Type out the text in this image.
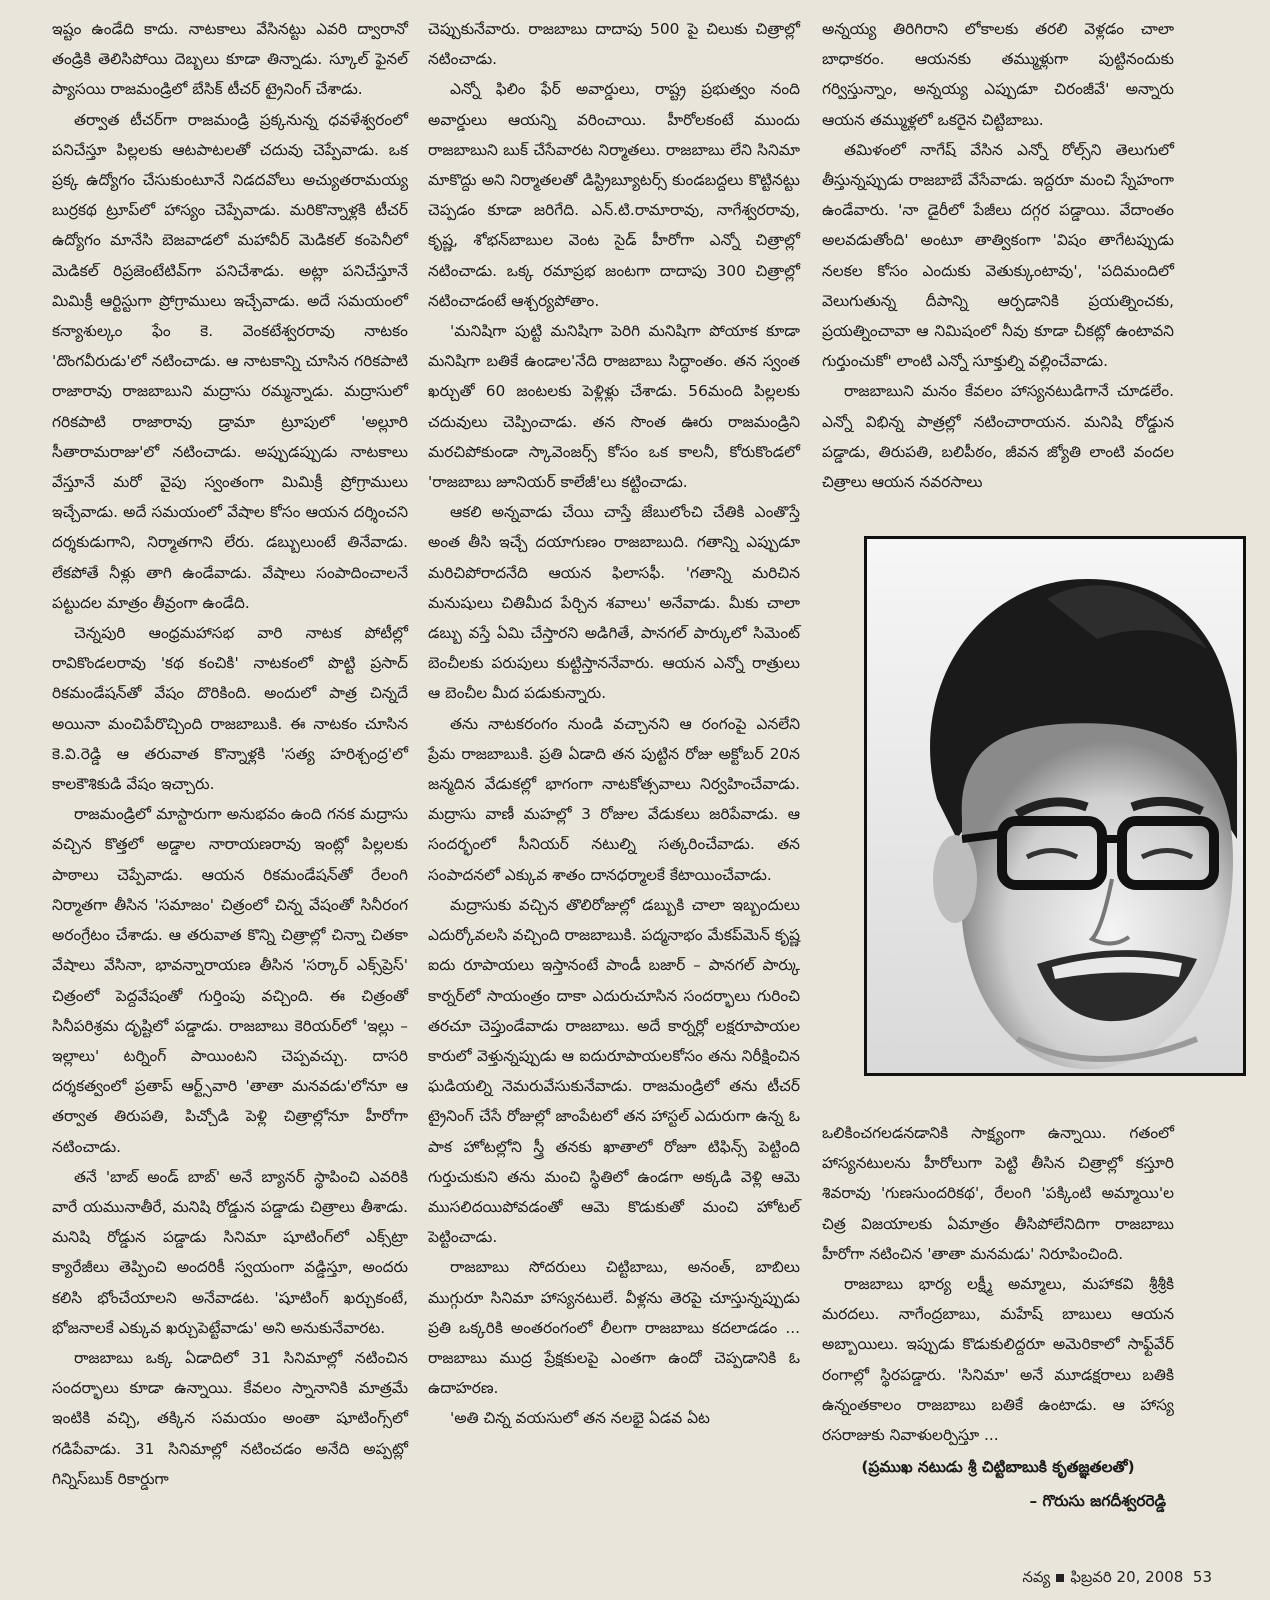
ఇష్టం ఉండేది కాదు. నాటకాలు వేసినట్టు ఎవరి ద్వారానో తండ్రికి తెలిసిపోయి దెబ్బలు కూడా తిన్నాడు. స్కూల్ ఫైనల్ ప్యాసయి రాజమండ్రిలో బేసిక్ టీచర్ ట్రైనింగ్ చేశాడు.

తర్వాత టీచర్‌గా రాజమండ్రి ప్రక్కనున్న ధవళేశ్వరంలో పనిచేస్తూ పిల్లలకు ఆటపాటలతో చదువు చెప్పేవాడు. ఒక ప్రక్క ఉద్యోగం చేసుకుంటూనే నిడదవోలు అచ్యుతరామయ్య బుర్రకథ ట్రూప్‌లో హాస్యం చెప్పేవాడు. మరికొన్నాళ్లకి టీచర్ ఉద్యోగం మానేసి బెజవాడలో మహావీర్ మెడికల్ కంపెనీలో మెడికల్ రిప్రజెంటేటివ్‌గా పనిచేశాడు. అట్లా పనిచేస్తూనే మిమిక్రీ ఆర్టిస్టుగా ప్రోగ్రాములు ఇచ్చేవాడు. అదే సమయంలో కన్యాశుల్కం ఫేం కె. వెంకటేశ్వరరావు నాటకం 'దొంగవీరుడు'లో నటించాడు. ఆ నాటకాన్ని చూసిన గరికపాటి రాజారావు రాజబాబుని మద్రాసు రమ్మన్నాడు. మద్రాసులో గరికపాటి రాజారావు డ్రామా ట్రూపులో 'అల్లూరి సీతారామరాజు'లో నటించాడు. అప్పుడప్పుడు నాటకాలు వేస్తూనే మరో వైపు స్వంతంగా మిమిక్రీ ప్రోగ్రాములు ఇచ్చేవాడు. అదే సమయంలో వేషాల కోసం ఆయన దర్శించని దర్శకుడుగాని, నిర్మాతగాని లేరు. డబ్బులుంటే తినేవాడు. లేకపోతే నీళ్లు తాగి ఉండేవాడు. వేషాలు సంపాదించాలనే పట్టుదల మాత్రం తీవ్రంగా ఉండేది.

చెన్నపురి ఆంధ్రమహాసభ వారి నాటక పోటీల్లో రావికొండలరావు 'కథ కంచికి' నాటకంలో పొట్టి ప్రసాద్ రికమండేషన్‌తో వేషం దొరికింది. అందులో పాత్ర చిన్నదే అయినా మంచిపేరొచ్చింది రాజబాబుకి. ఈ నాటకం చూసిన కె.వి.రెడ్డి ఆ తరువాత కొన్నాళ్లకి 'సత్య హరిశ్చంద్ర'లో కాలకౌశికుడి వేషం ఇచ్చారు.

రాజమండ్రిలో మాస్టారుగా అనుభవం ఉంది గనక మద్రాసు వచ్చిన కొత్తలో అడ్డాల నారాయణరావు ఇంట్లో పిల్లలకు పాఠాలు చెప్పేవాడు. ఆయన రికమండేషన్‌తో రేలంగి నిర్మాతగా తీసిన 'సమాజం' చిత్రంలో చిన్న వేషంతో సినీరంగ అరంగ్రేటం చేశాడు. ఆ తరువాత కొన్ని చిత్రాల్లో చిన్నా చితకా వేషాలు వేసినా, భావన్నారాయణ తీసిన 'సర్కార్ ఎక్స్‌ప్రెస్' చిత్రంలో పెద్దవేషంతో గుర్తింపు వచ్చింది. ఈ చిత్రంతో సినీపరిశ్రమ దృష్టిలో పడ్డాడు. రాజబాబు కెరియర్‌లో 'ఇల్లు – ఇల్లాలు' టర్నింగ్ పాయింటని చెప్పవచ్చు. దాసరి దర్శకత్వంలో ప్రతాప్ ఆర్ట్స్‌వారి 'తాతా మనవడు'లోనూ ఆ తర్వాత తిరుపతి, పిచ్చోడి పెళ్లి చిత్రాల్లోనూ హీరోగా నటించాడు.

తనే 'బాబ్ అండ్ బాబ్' అనే బ్యానర్ స్థాపించి ఎవరికి వారే యమునాతీరే, మనిషి రోడ్డున పడ్డాడు చిత్రాలు తీశాడు. మనిషి రోడ్డున పడ్డాడు సినిమా షూటింగ్‌లో ఎక్స్‌ట్రా క్యారేజీలు తెప్పించి అందరికీ స్వయంగా వడ్డిస్తూ, అందరు కలిసి భోంచేయాలని అనేవాడట. 'షూటింగ్ ఖర్చుకంటే, భోజనాలకే ఎక్కువ ఖర్చుపెట్టేవాడు' అని అనుకునేవారట.

రాజబాబు ఒక్క ఏడాదిలో 31 సినిమాల్లో నటించిన సందర్భాలు కూడా ఉన్నాయి. కేవలం స్నానానికి మాత్రమే ఇంటికి వచ్చి, తక్కిన సమయం అంతా షూటింగ్స్‌లో గడిపేవాడు. 31 సినిమాల్లో నటించడం అనేది అప్పట్లో గిన్నిస్‌బుక్ రికార్డుగా

చెప్పుకునేవారు. రాజబాబు దాదాపు 500 పై చిలుకు చిత్రాల్లో నటించాడు.

ఎన్నో ఫిలిం ఫేర్ అవార్డులు, రాష్ట్ర ప్రభుత్వం నంది అవార్డులు ఆయన్ని వరించాయి. హీరోలకంటే ముందు రాజబాబుని బుక్ చేసేవారట నిర్మాతలు. రాజబాబు లేని సినిమా మాకొద్దు అని నిర్మాతలతో డిస్ట్రిబ్యూటర్స్ కుండబద్దలు కొట్టినట్టు చెప్పడం కూడా జరిగేది. ఎన్.టి.రామారావు, నాగేశ్వరరావు, కృష్ణ, శోభన్‌బాబుల వెంట సైడ్ హీరోగా ఎన్నో చిత్రాల్లో నటించాడు. ఒక్క రమాప్రభ జంటగా దాదాపు 300 చిత్రాల్లో నటించాడంటే ఆశ్చర్యపోతాం.

'మనిషిగా పుట్టి మనిషిగా పెరిగి మనిషిగా పోయాక కూడా మనిషిగా బతికే ఉండాల'నేది రాజబాబు సిద్ధాంతం. తన స్వంత ఖర్చుతో 60 జంటలకు పెళ్లిళ్లు చేశాడు. 56మంది పిల్లలకు చదువులు చెప్పించాడు. తన సొంత ఊరు రాజమండ్రిని మరచిపోకుండా స్కావెంజర్స్ కోసం ఒక కాలనీ, కోరుకొండలో 'రాజబాబు జూనియర్ కాలేజీ'లు కట్టించాడు.

ఆకలి అన్నవాడు చేయి చాస్తే జేబులోంచి చేతికి ఎంతొస్తే అంత తీసి ఇచ్చే దయాగుణం రాజబాబుది. గతాన్ని ఎప్పుడూ మరిచిపోరాదనేది ఆయన ఫిలాసఫీ. 'గతాన్ని మరిచిన మనుషులు చితిమీద పేర్చిన శవాలు' అనేవాడు. మీకు చాలా డబ్బు వస్తే ఏమి చేస్తారని అడిగితే, పానగల్ పార్కులో సిమెంట్ బెంచీలకు పరుపులు కుట్టిస్తాననేవారు. ఆయన ఎన్నో రాత్రులు ఆ బెంచీల మీద పడుకున్నారు.

తను నాటకరంగం నుండి వచ్చానని ఆ రంగంపై ఎనలేని ప్రేమ రాజబాబుకి. ప్రతి ఏడాది తన పుట్టిన రోజు అక్టోబర్ 20న జన్మదిన వేడుకల్లో భాగంగా నాటకోత్సవాలు నిర్వహించేవాడు. మద్రాసు వాణీ మహల్లో 3 రోజుల వేడుకలు జరిపేవాడు. ఆ సందర్భంలో సీనియర్ నటుల్ని సత్కరించేవాడు. తన సంపాదనలో ఎక్కువ శాతం దానధర్మాలకే కేటాయించేవాడు.

మద్రాసుకు వచ్చిన తొలిరోజుల్లో డబ్బుకి చాలా ఇబ్బందులు ఎదుర్కోవలసి వచ్చింది రాజబాబుకి. పద్మనాభం మేకప్‌మెన్ కృష్ణ ఐదు రూపాయలు ఇస్తానంటే పాండీ బజార్ – పానగల్ పార్కు కార్నర్‌లో సాయంత్రం దాకా ఎదురుచూసిన సందర్భాలు గురించి తరచూ చెప్తుండేవాడు రాజబాబు. అదే కార్నర్లో లక్షరూపాయల కారులో వెళ్తున్నప్పుడు ఆ ఐదురూపాయలకోసం తను నిరీక్షించిన ఘడియల్ని నెమరువేసుకునేవాడు. రాజమండ్రిలో తను టీచర్ ట్రైనింగ్ చేసే రోజుల్లో జాంపేటలో తన హాస్టల్ ఎదురుగా ఉన్న ఓ పాక హోటల్లోని స్త్రీ తనకు ఖాతాలో రోజూ టిఫిన్స్ పెట్టింది గుర్తుచుకుని తను మంచి స్థితిలో ఉండగా అక్కడి వెళ్లి ఆమె ముసలిదయిపోవడంతో ఆమె కొడుకుతో మంచి హోటల్ పెట్టించాడు.

రాజబాబు సోదరులు చిట్టిబాబు, అనంత్, బాబిలు ముగ్గురూ సినిమా హాస్యనటులే. వీళ్లను తెరపై చూస్తున్నప్పుడు ప్రతి ఒక్కరికి అంతరంగంలో లీలగా రాజబాబు కదలాడడం ... రాజబాబు ముద్ర ప్రేక్షకులపై ఎంతగా ఉందో చెప్పడానికి ఓ ఉదాహరణ.

'అతి చిన్న వయసులో తన నలభై ఏడవ ఏట

అన్నయ్య తిరిగిరాని లోకాలకు తరలి వెళ్లడం చాలా బాధాకరం. ఆయనకు తమ్ముళ్లుగా పుట్టినందుకు గర్విస్తున్నాం, అన్నయ్య ఎప్పుడూ చిరంజీవే' అన్నారు ఆయన తమ్ముళ్లలో ఒకరైన చిట్టిబాబు.

తమిళంలో నాగేష్ వేసిన ఎన్నో రోల్స్‌ని తెలుగులో తీస్తున్నప్పుడు రాజబాబే వేసేవాడు. ఇద్దరూ మంచి స్నేహంగా ఉండేవారు. 'నా డైరీలో పేజీలు దగ్గర పడ్డాయి. వేదాంతం అలవడుతోంది' అంటూ తాత్వికంగా 'విషం తాగేటప్పుడు నలకల కోసం ఎందుకు వెతుక్కుంటావు', 'పదిమందిలో వెలుగుతున్న దీపాన్ని ఆర్పడానికి ప్రయత్నించకు, ప్రయత్నించావా ఆ నిమిషంలో నీవు కూడా చీకట్లో ఉంటావని గుర్తుంచుకో' లాంటి ఎన్నో సూక్తుల్ని వల్లించేవాడు.

రాజబాబుని మనం కేవలం హాస్యనటుడిగానే చూడలేం. ఎన్నో విభిన్న పాత్రల్లో నటించారాయన. మనిషి రోడ్డున పడ్డాడు, తిరుపతి, బలిపీఠం, జీవన జ్యోతి లాంటి వందల చిత్రాలు ఆయన నవరసాలు

ఒలికించగలడనడానికి సాక్ష్యంగా ఉన్నాయి. గతంలో హాస్యనటులను హీరోలుగా పెట్టి తీసిన చిత్రాల్లో కస్తూరి శివరావు 'గుణసుందరికథ', రేలంగి 'పక్కింటి అమ్మాయి'ల చిత్ర విజయాలకు ఏమాత్రం తీసిపోలేనిదిగా రాజబాబు హీరోగా నటించిన 'తాతా మనమడు' నిరూపించింది.

రాజబాబు భార్య లక్ష్మీ అమ్మాలు, మహాకవి శ్రీశ్రీకి మరదలు. నాగేంద్రబాబు, మహేష్ బాబులు ఆయన అబ్బాయిలు. ఇప్పుడు కొడుకులిద్దరూ అమెరికాలో సాఫ్ట్‌వేర్ రంగాల్లో స్థిరపడ్డారు. 'సినిమా' అనే మూడక్షరాలు బతికి ఉన్నంతకాలం రాజబాబు బతికే ఉంటాడు. ఆ హాస్య రసరాజుకు నివాళులర్పిస్తూ ...

(ప్రముఖ నటుడు శ్రీ చిట్టిబాబుకి కృతజ్ఞతలతో)

– గొరుసు జగదీశ్వరరెడ్డి

నవ్య ఫిబ్రవరి 20, 2008 53
